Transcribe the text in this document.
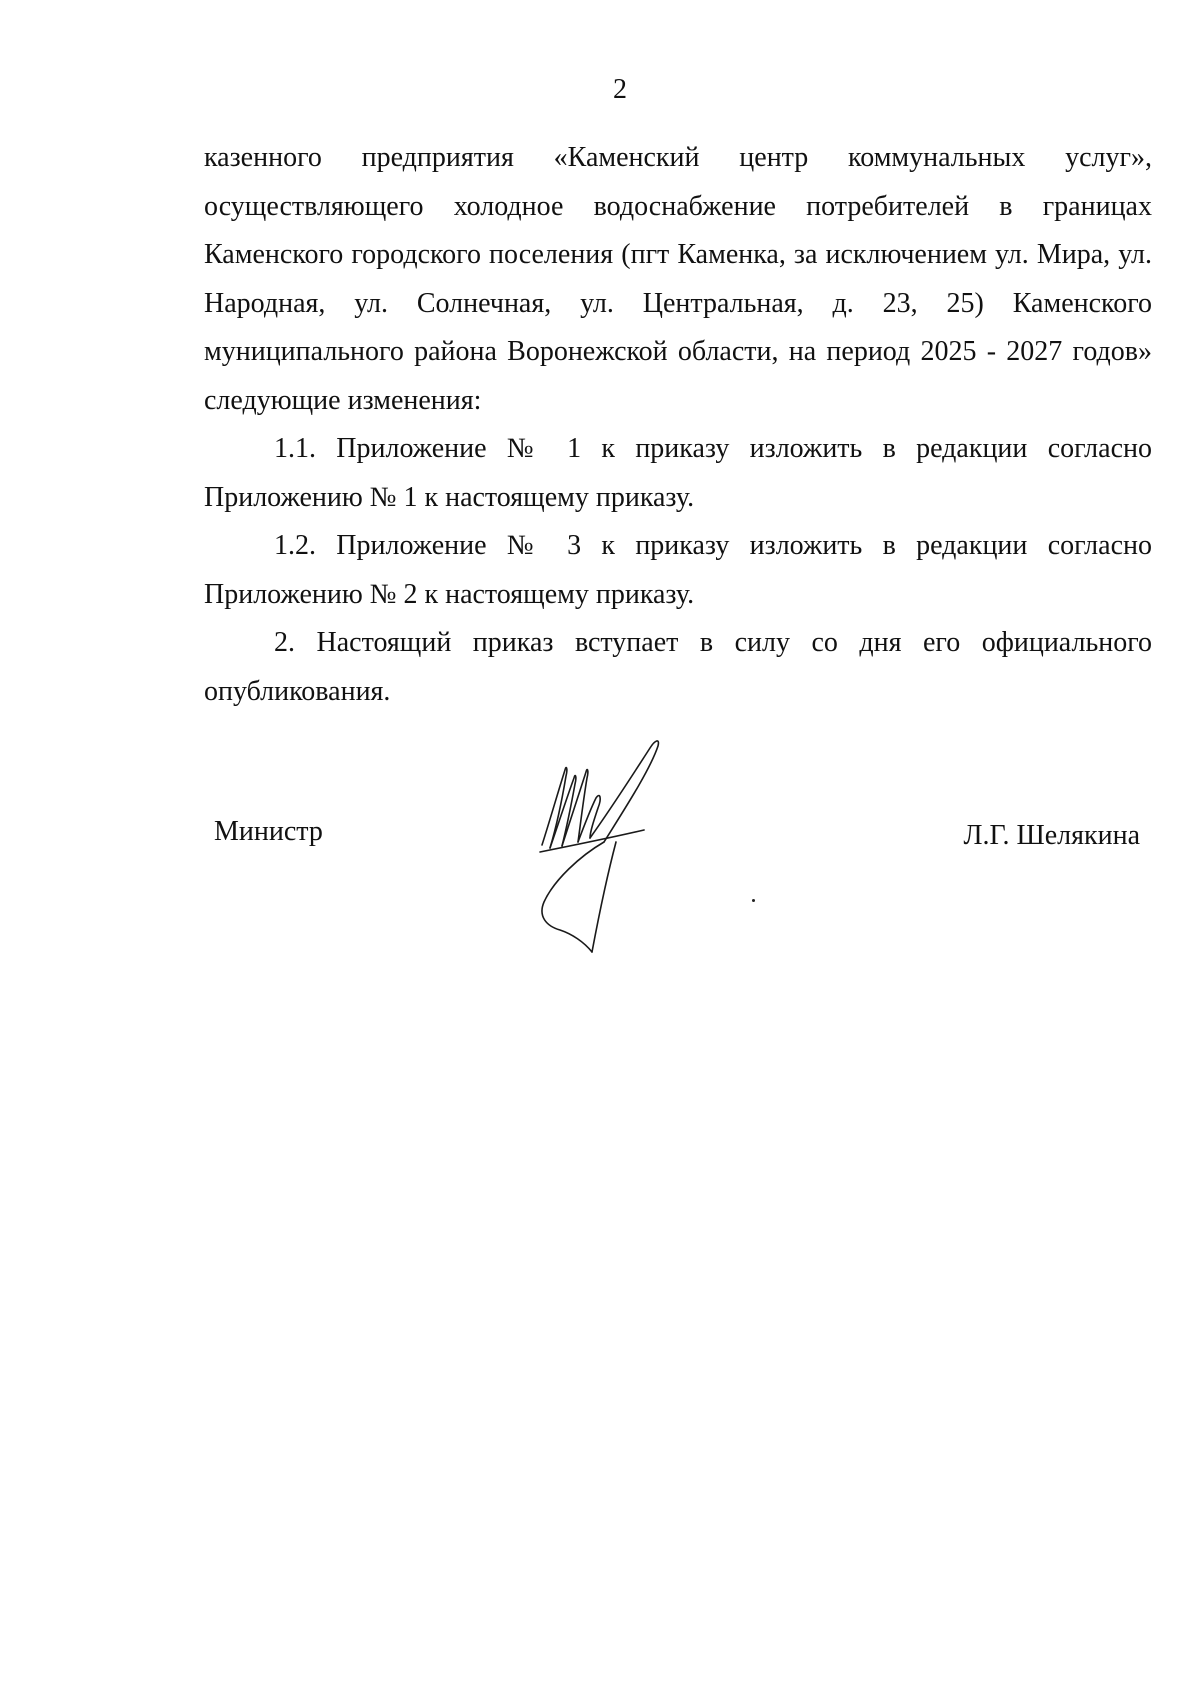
2

казенного предприятия «Каменский центр коммунальных услуг», осуществляющего холодное водоснабжение потребителей в границах Каменского городского поселения (пгт Каменка, за исключением ул. Мира, ул. Народная, ул. Солнечная, ул. Центральная, д. 23, 25) Каменского муниципального района Воронежской области, на период 2025 - 2027 годов» следующие изменения:

1.1. Приложение № 1 к приказу изложить в редакции согласно Приложению № 1 к настоящему приказу.

1.2. Приложение № 3 к приказу изложить в редакции согласно Приложению № 2 к настоящему приказу.

2. Настоящий приказ вступает в силу со дня его официального опубликования.

Министр	Л.Г. Шелякина
